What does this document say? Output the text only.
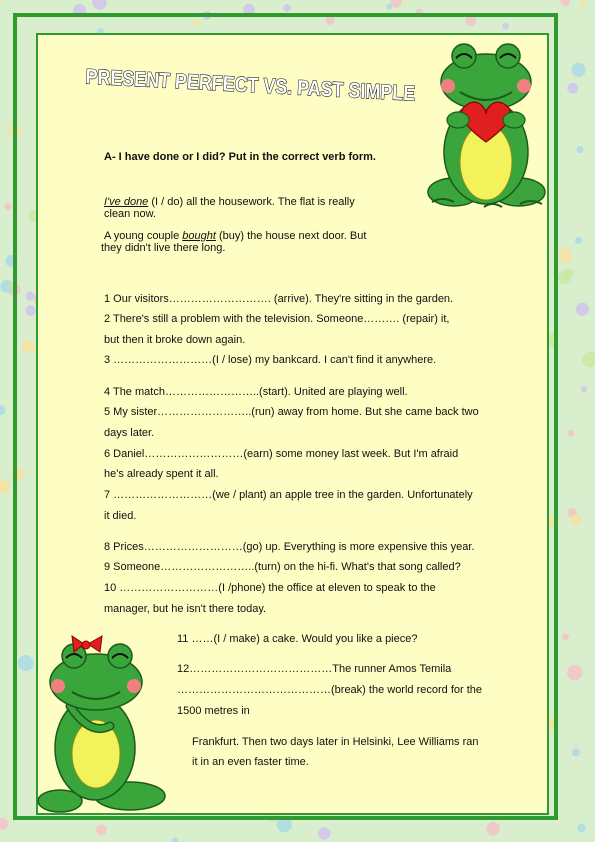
PRESENT PERFECT VS. PAST SIMPLE
A- I have done or I did? Put in the correct verb form.
I've done (I / do) all the housework. The flat is really
clean now.
A young couple bought (buy) the house next door. But
they didn't live there long.
1 Our visitors………………………. (arrive). They're sitting in the garden.
2 There's still a problem with the television. Someone………. (repair) it,
but then it broke down again.
3 ………………………(I / lose) my bankcard. I can't find it anywhere.
4 The match……………………..(start). United are playing well.
5 My sister……………………..(run) away from home. But she came back two
days later.
6 Daniel………………………(earn) some money last week. But I'm afraid
he's already spent it all.
7 ………………………(we / plant) an apple tree in the garden. Unfortunately
it died.
8 Prices………………………(go) up. Everything is more expensive this year.
9 Someone……………………..(turn) on the hi-fi. What's that song called?
10 ………………………(I /phone) the office at eleven to speak to the
manager, but he isn't there today.
11 ……(I / make) a cake. Would you like a piece?
12…………………………………The runner Amos Temila
……………………………………(break) the world record for the
1500 metres in
Frankfurt. Then two days later in Helsinki, Lee Williams ran
it in an even faster time.
